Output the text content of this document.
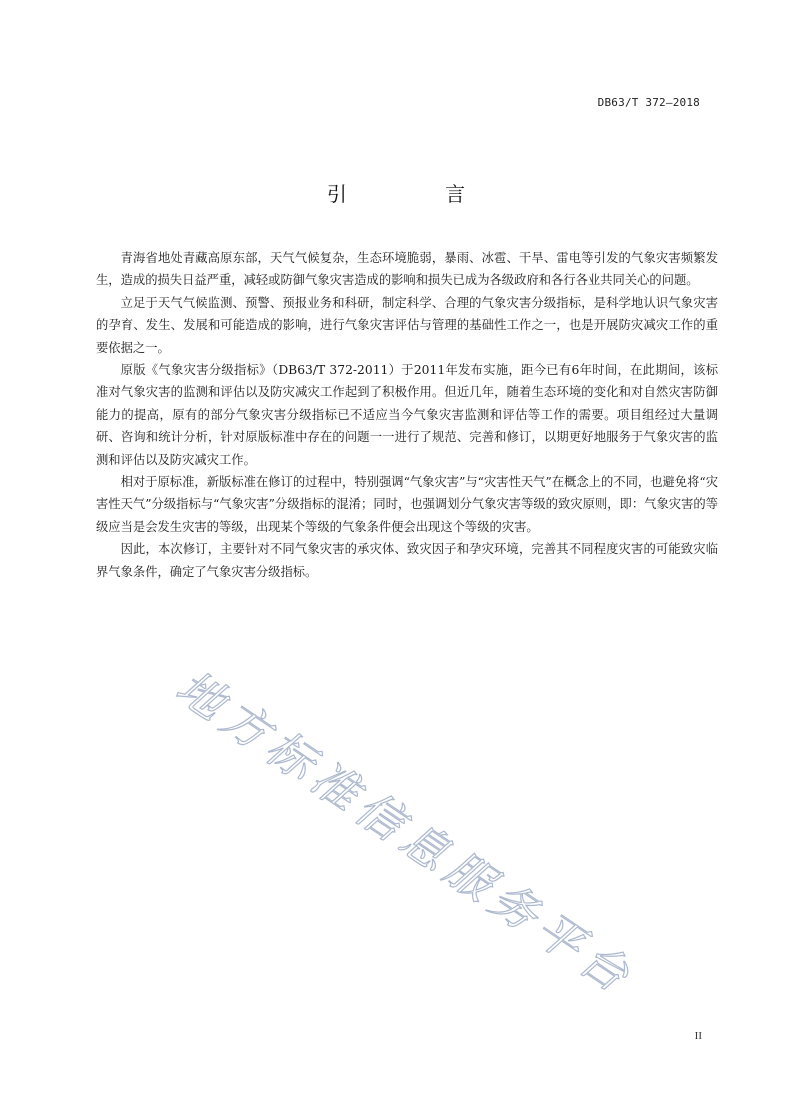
DB63/T 372—2018
引 言

青海省地处青藏高原东部，天气气候复杂，生态环境脆弱，暴雨、冰雹、干旱、雷电等引发的气象灾害频繁发生，造成的损失日益严重，减轻或防御气象灾害造成的影响和损失已成为各级政府和各行各业共同关心的问题。

立足于天气气候监测、预警、预报业务和科研，制定科学、合理的气象灾害分级指标，是科学地认识气象灾害的孕育、发生、发展和可能造成的影响，进行气象灾害评估与管理的基础性工作之一，也是开展防灾减灾工作的重要依据之一。

原版《气象灾害分级指标》（DB63/T 372-2011）于2011年发布实施，距今已有6年时间，在此期间，该标准对气象灾害的监测和评估以及防灾减灾工作起到了积极作用。但近几年，随着生态环境的变化和对自然灾害防御能力的提高，原有的部分气象灾害分级指标已不适应当今气象灾害监测和评估等工作的需要。项目组经过大量调研、咨询和统计分析，针对原版标准中存在的问题一一进行了规范、完善和修订，以期更好地服务于气象灾害的监测和评估以及防灾减灾工作。

相对于原标准，新版标准在修订的过程中，特别强调“气象灾害”与“灾害性天气”在概念上的不同，也避免将“灾害性天气”分级指标与“气象灾害”分级指标的混淆；同时，也强调划分气象灾害等级的致灾原则，即：气象灾害的等级应当是会发生灾害的等级，出现某个等级的气象条件便会出现这个等级的灾害。

因此，本次修订，主要针对不同气象灾害的承灾体、致灾因子和孕灾环境，完善其不同程度灾害的可能致灾临界气象条件，确定了气象灾害分级指标。

地方标准信息服务平台
II
